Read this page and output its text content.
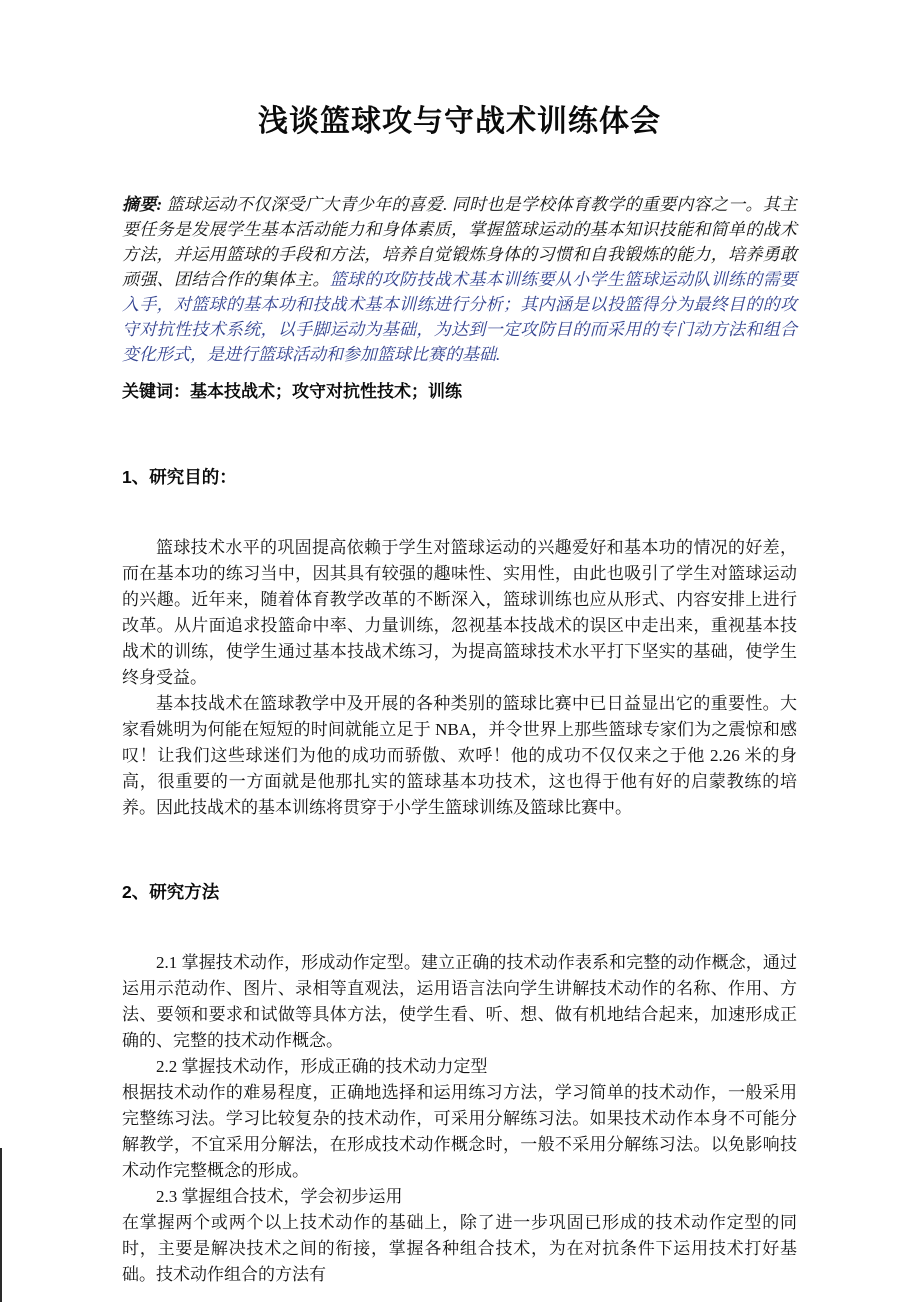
浅谈篮球攻与守战术训练体会

摘要: 篮球运动不仅深受广大青少年的喜爱. 同时也是学校体育教学的重要内容之一。其主要任务是发展学生基本活动能力和身体素质，掌握篮球运动的基本知识技能和简单的战术方法，并运用篮球的手段和方法，培养自觉锻炼身体的习惯和自我锻炼的能力，培养勇敢顽强、团结合作的集体主。篮球的攻防技战术基本训练要从小学生篮球运动队训练的需要入手，对篮球的基本功和技战术基本训练进行分析；其内涵是以投篮得分为最终目的的攻守对抗性技术系统，以手脚运动为基础，为达到一定攻防目的而采用的专门动方法和组合变化形式，是进行篮球活动和参加篮球比赛的基础.

关键词：基本技战术；攻守对抗性技术；训练

1、研究目的：

篮球技术水平的巩固提高依赖于学生对篮球运动的兴趣爱好和基本功的情况的好差，而在基本功的练习当中，因其具有较强的趣味性、实用性，由此也吸引了学生对篮球运动的兴趣。近年来，随着体育教学改革的不断深入，篮球训练也应从形式、内容安排上进行改革。从片面追求投篮命中率、力量训练，忽视基本技战术的误区中走出来，重视基本技战术的训练，使学生通过基本技战术练习，为提高篮球技术水平打下坚实的基础，使学生终身受益。

基本技战术在篮球教学中及开展的各种类别的篮球比赛中已日益显出它的重要性。大家看姚明为何能在短短的时间就能立足于 NBA，并令世界上那些篮球专家们为之震惊和感叹！让我们这些球迷们为他的成功而骄傲、欢呼！他的成功不仅仅来之于他 2.26 米的身高，很重要的一方面就是他那扎实的篮球基本功技术，这也得于他有好的启蒙教练的培养。因此技战术的基本训练将贯穿于小学生篮球训练及篮球比赛中。

2、研究方法

2.1 掌握技术动作，形成动作定型。建立正确的技术动作表系和完整的动作概念，通过运用示范动作、图片、录相等直观法，运用语言法向学生讲解技术动作的名称、作用、方法、要领和要求和试做等具体方法，使学生看、听、想、做有机地结合起来，加速形成正确的、完整的技术动作概念。

2.2 掌握技术动作，形成正确的技术动力定型

根据技术动作的难易程度，正确地选择和运用练习方法，学习简单的技术动作，一般采用完整练习法。学习比较复杂的技术动作，可采用分解练习法。如果技术动作本身不可能分解教学，不宜采用分解法，在形成技术动作概念时，一般不采用分解练习法。以免影响技术动作完整概念的形成。

2.3 掌握组合技术，学会初步运用

在掌握两个或两个以上技术动作的基础上，除了进一步巩固已形成的技术动作定型的同时，主要是解决技术之间的衔接，掌握各种组合技术，为在对抗条件下运用技术打好基础。技术动作组合的方法有
